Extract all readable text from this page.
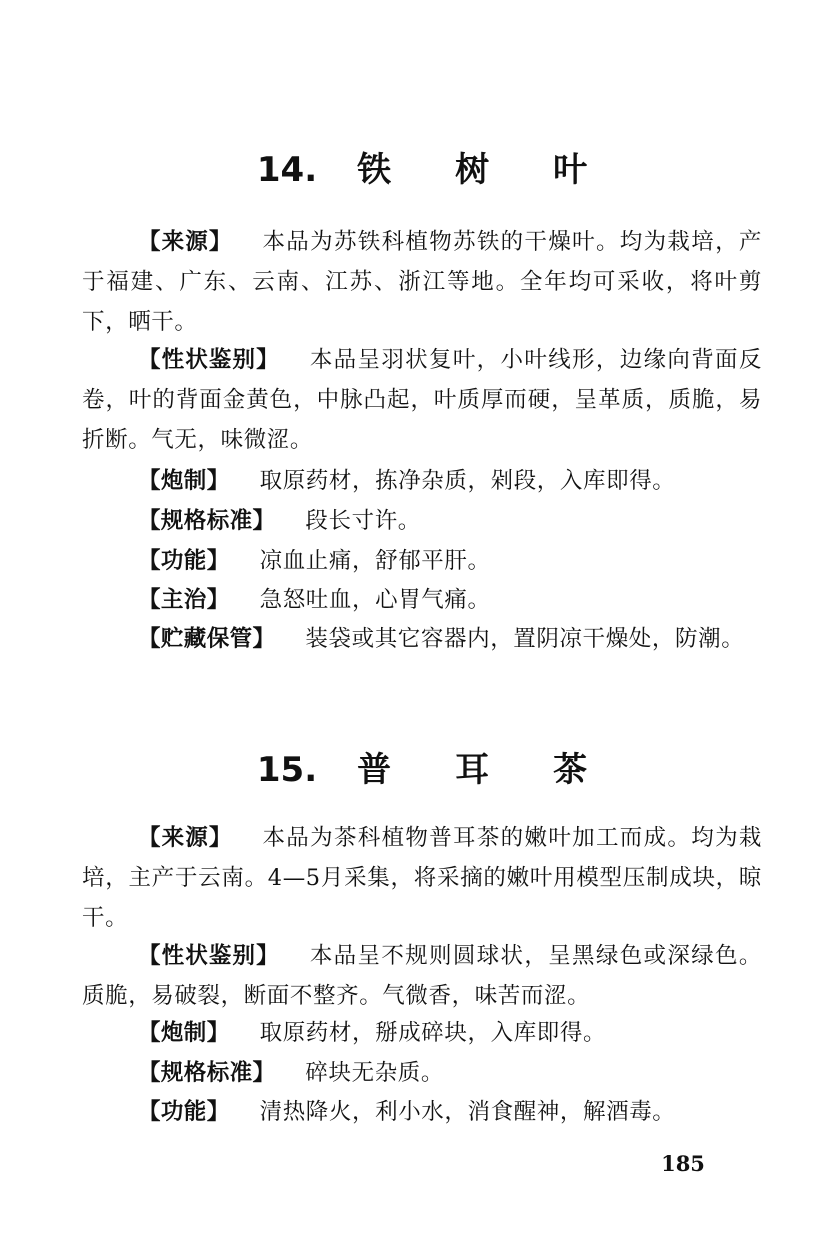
14. 铁树叶

【来源】 本品为苏铁科植物苏铁的干燥叶。均为栽培，产于福建、广东、云南、江苏、浙江等地。全年均可采收，将叶剪下，晒干。

【性状鉴别】 本品呈羽状复叶，小叶线形，边缘向背面反卷，叶的背面金黄色，中脉凸起，叶质厚而硬，呈革质，质脆，易折断。气无，味微涩。

【炮制】 取原药材，拣净杂质，剁段，入库即得。

【规格标准】 段长寸许。

【功能】 凉血止痛，舒郁平肝。

【主治】 急怒吐血，心胃气痛。

【贮藏保管】 装袋或其它容器内，置阴凉干燥处，防潮。

15. 普耳茶

【来源】 本品为茶科植物普耳茶的嫩叶加工而成。均为栽培，主产于云南。4—5月采集，将采摘的嫩叶用模型压制成块，晾干。

【性状鉴别】 本品呈不规则圆球状，呈黑绿色或深绿色。质脆，易破裂，断面不整齐。气微香，味苦而涩。

【炮制】 取原药材，掰成碎块，入库即得。

【规格标准】 碎块无杂质。

【功能】 清热降火，利小水，消食醒神，解酒毒。

185
